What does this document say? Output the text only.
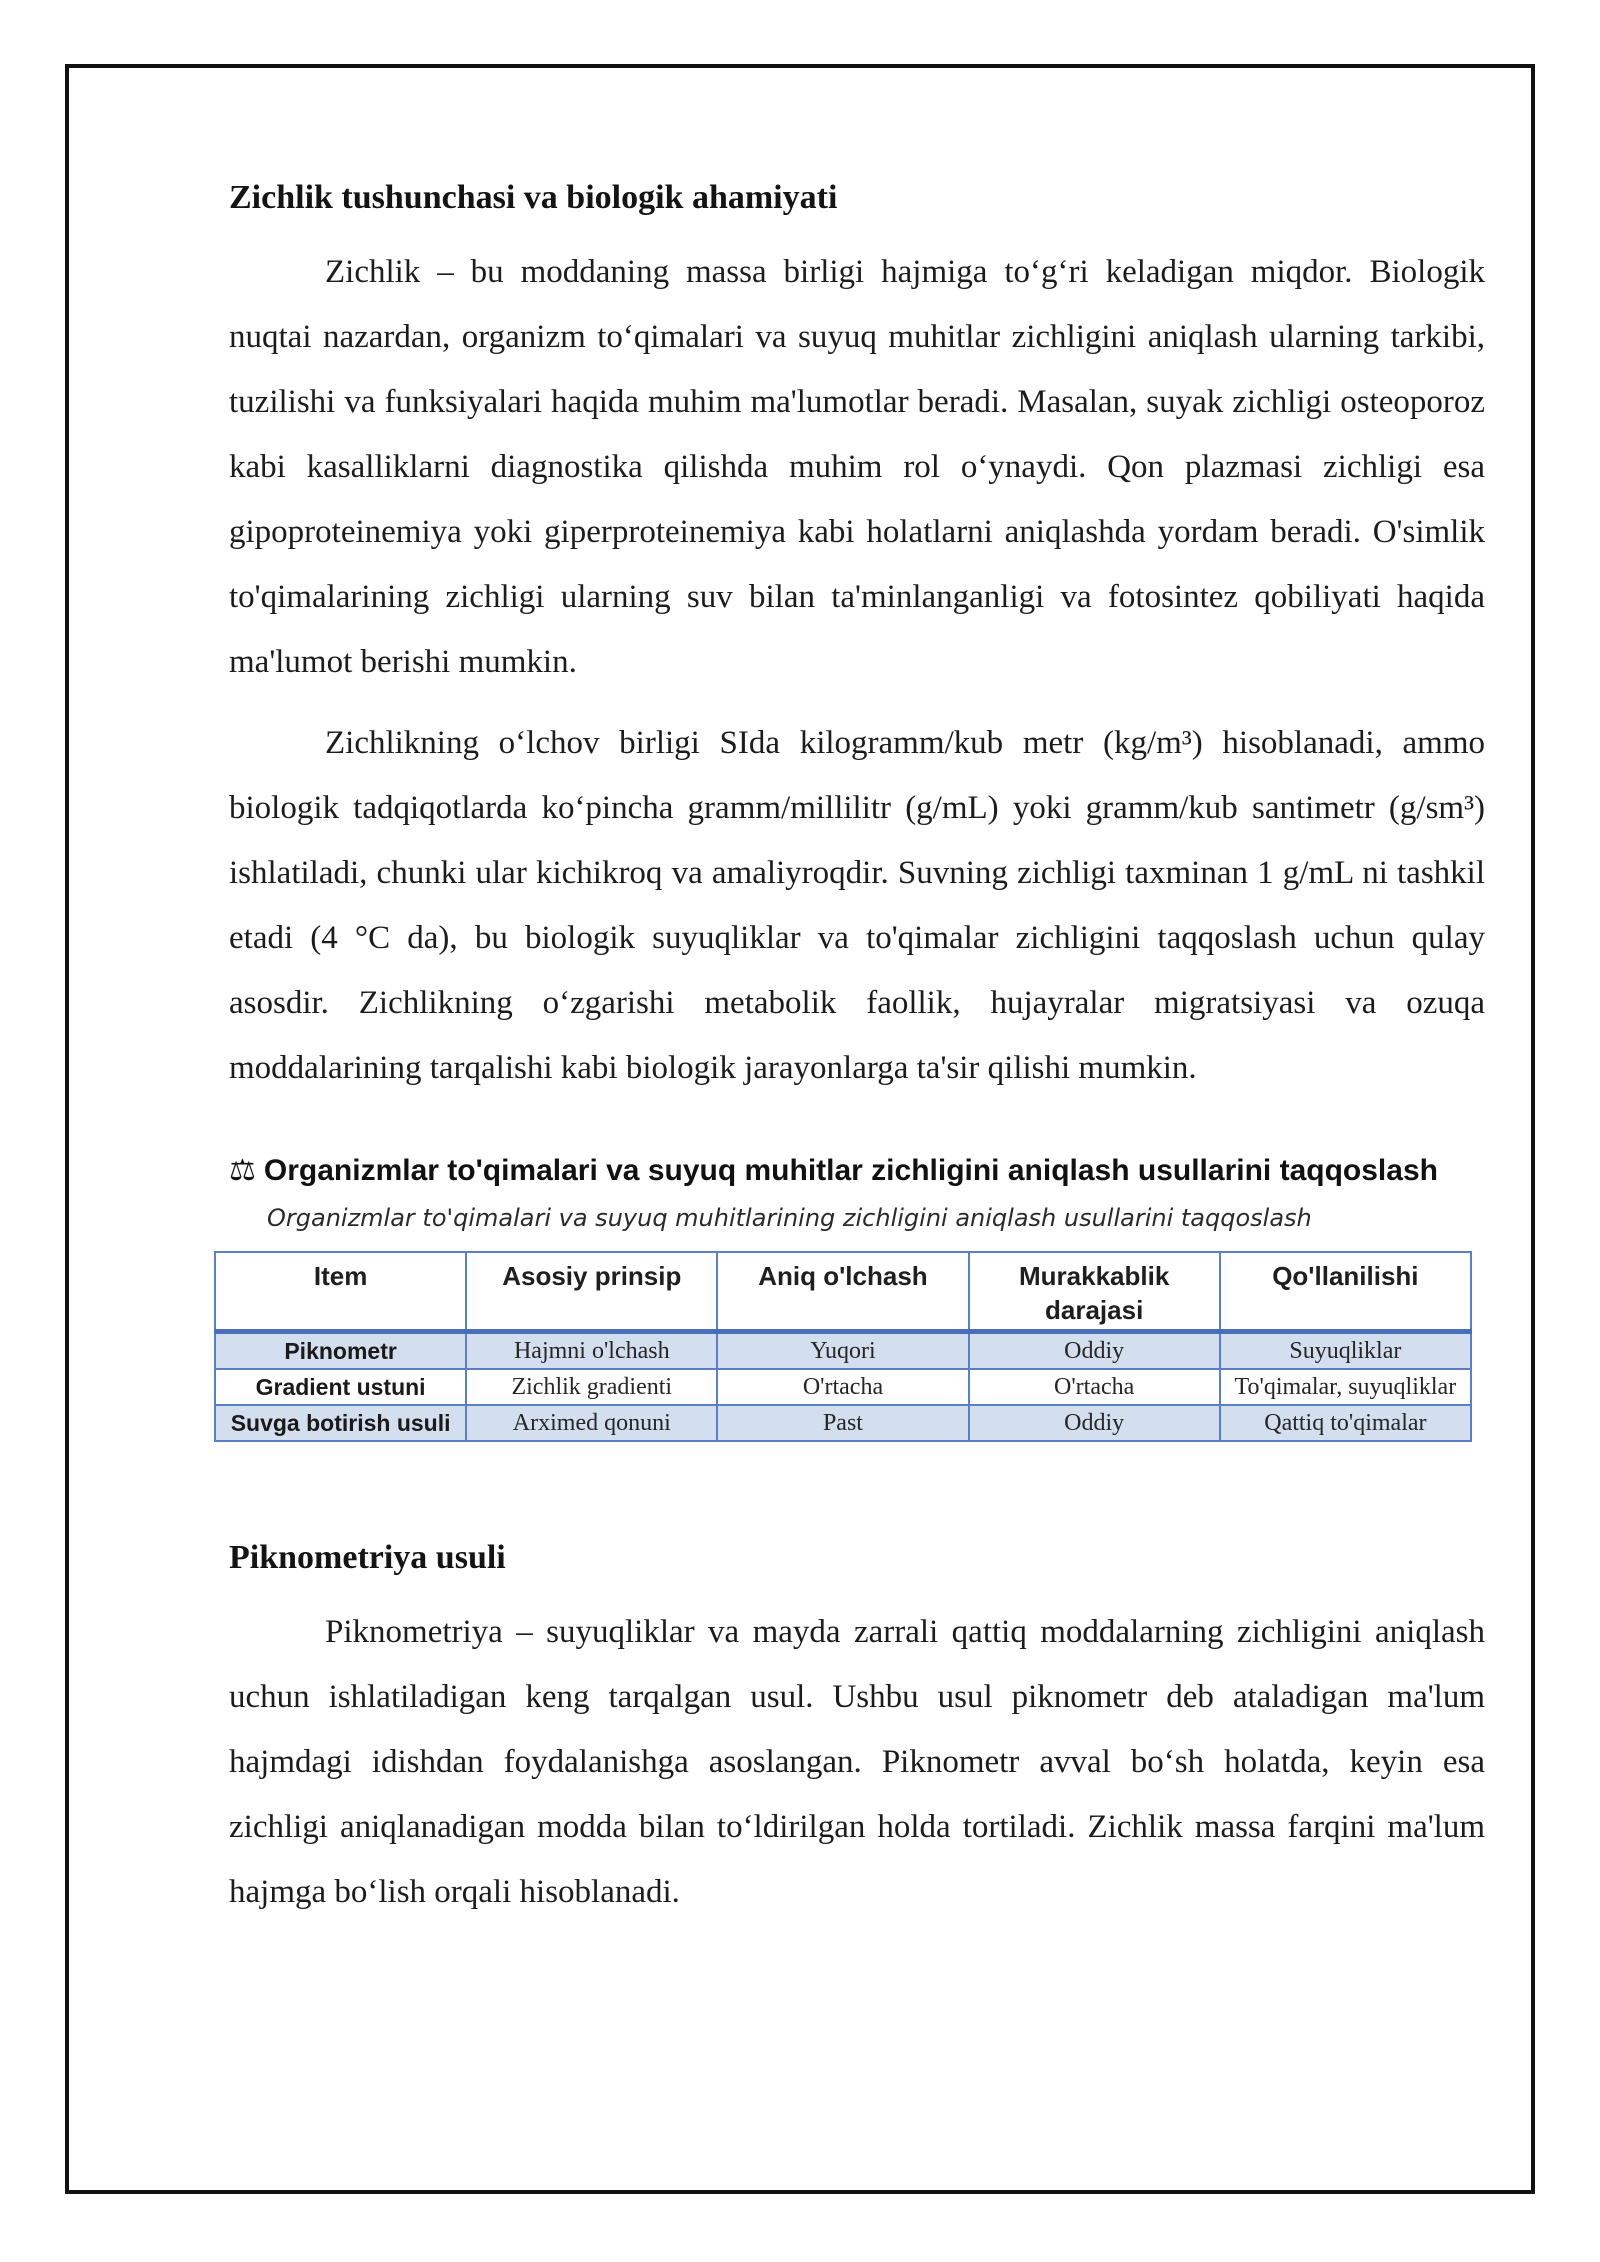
Zichlik tushunchasi va biologik ahamiyati

Zichlik – bu moddaning massa birligi hajmiga to‘g‘ri keladigan miqdor. Biologik nuqtai nazardan, organizm to‘qimalari va suyuq muhitlar zichligini aniqlash ularning tarkibi, tuzilishi va funksiyalari haqida muhim ma'lumotlar beradi. Masalan, suyak zichligi osteoporoz kabi kasalliklarni diagnostika qilishda muhim rol o‘ynaydi. Qon plazmasi zichligi esa gipoproteinemiya yoki giperproteinemiya kabi holatlarni aniqlashda yordam beradi. O'simlik to'qimalarining zichligi ularning suv bilan ta'minlanganligi va fotosintez qobiliyati haqida ma'lumot berishi mumkin.

Zichlikning o‘lchov birligi SIda kilogramm/kub metr (kg/m³) hisoblanadi, ammo biologik tadqiqotlarda ko‘pincha gramm/millilitr (g/mL) yoki gramm/kub santimetr (g/sm³) ishlatiladi, chunki ular kichikroq va amaliyroqdir. Suvning zichligi taxminan 1 g/mL ni tashkil etadi (4 °C da), bu biologik suyuqliklar va to'qimalar zichligini taqqoslash uchun qulay asosdir. Zichlikning o‘zgarishi metabolik faollik, hujayralar migratsiyasi va ozuqa moddalarining tarqalishi kabi biologik jarayonlarga ta'sir qilishi mumkin.

⚖ Organizmlar to'qimalari va suyuq muhitlar zichligini aniqlash usullarini taqqoslash
Organizmlar to'qimalari va suyuq muhitlarining zichligini aniqlash usullarini taqqoslash
Item	Asosiy prinsip	Aniq o'lchash	Murakkablik darajasi	Qo'llanilishi
Piknometr	Hajmni o'lchash	Yuqori	Oddiy	Suyuqliklar
Gradient ustuni	Zichlik gradienti	O'rtacha	O'rtacha	To'qimalar, suyuqliklar
Suvga botirish usuli	Arximed qonuni	Past	Oddiy	Qattiq to'qimalar
Piknometriya usuli

Piknometriya – suyuqliklar va mayda zarrali qattiq moddalarning zichligini aniqlash uchun ishlatiladigan keng tarqalgan usul. Ushbu usul piknometr deb ataladigan ma'lum hajmdagi idishdan foydalanishga asoslangan. Piknometr avval bo‘sh holatda, keyin esa zichligi aniqlanadigan modda bilan to‘ldirilgan holda tortiladi. Zichlik massa farqini ma'lum hajmga bo‘lish orqali hisoblanadi.
